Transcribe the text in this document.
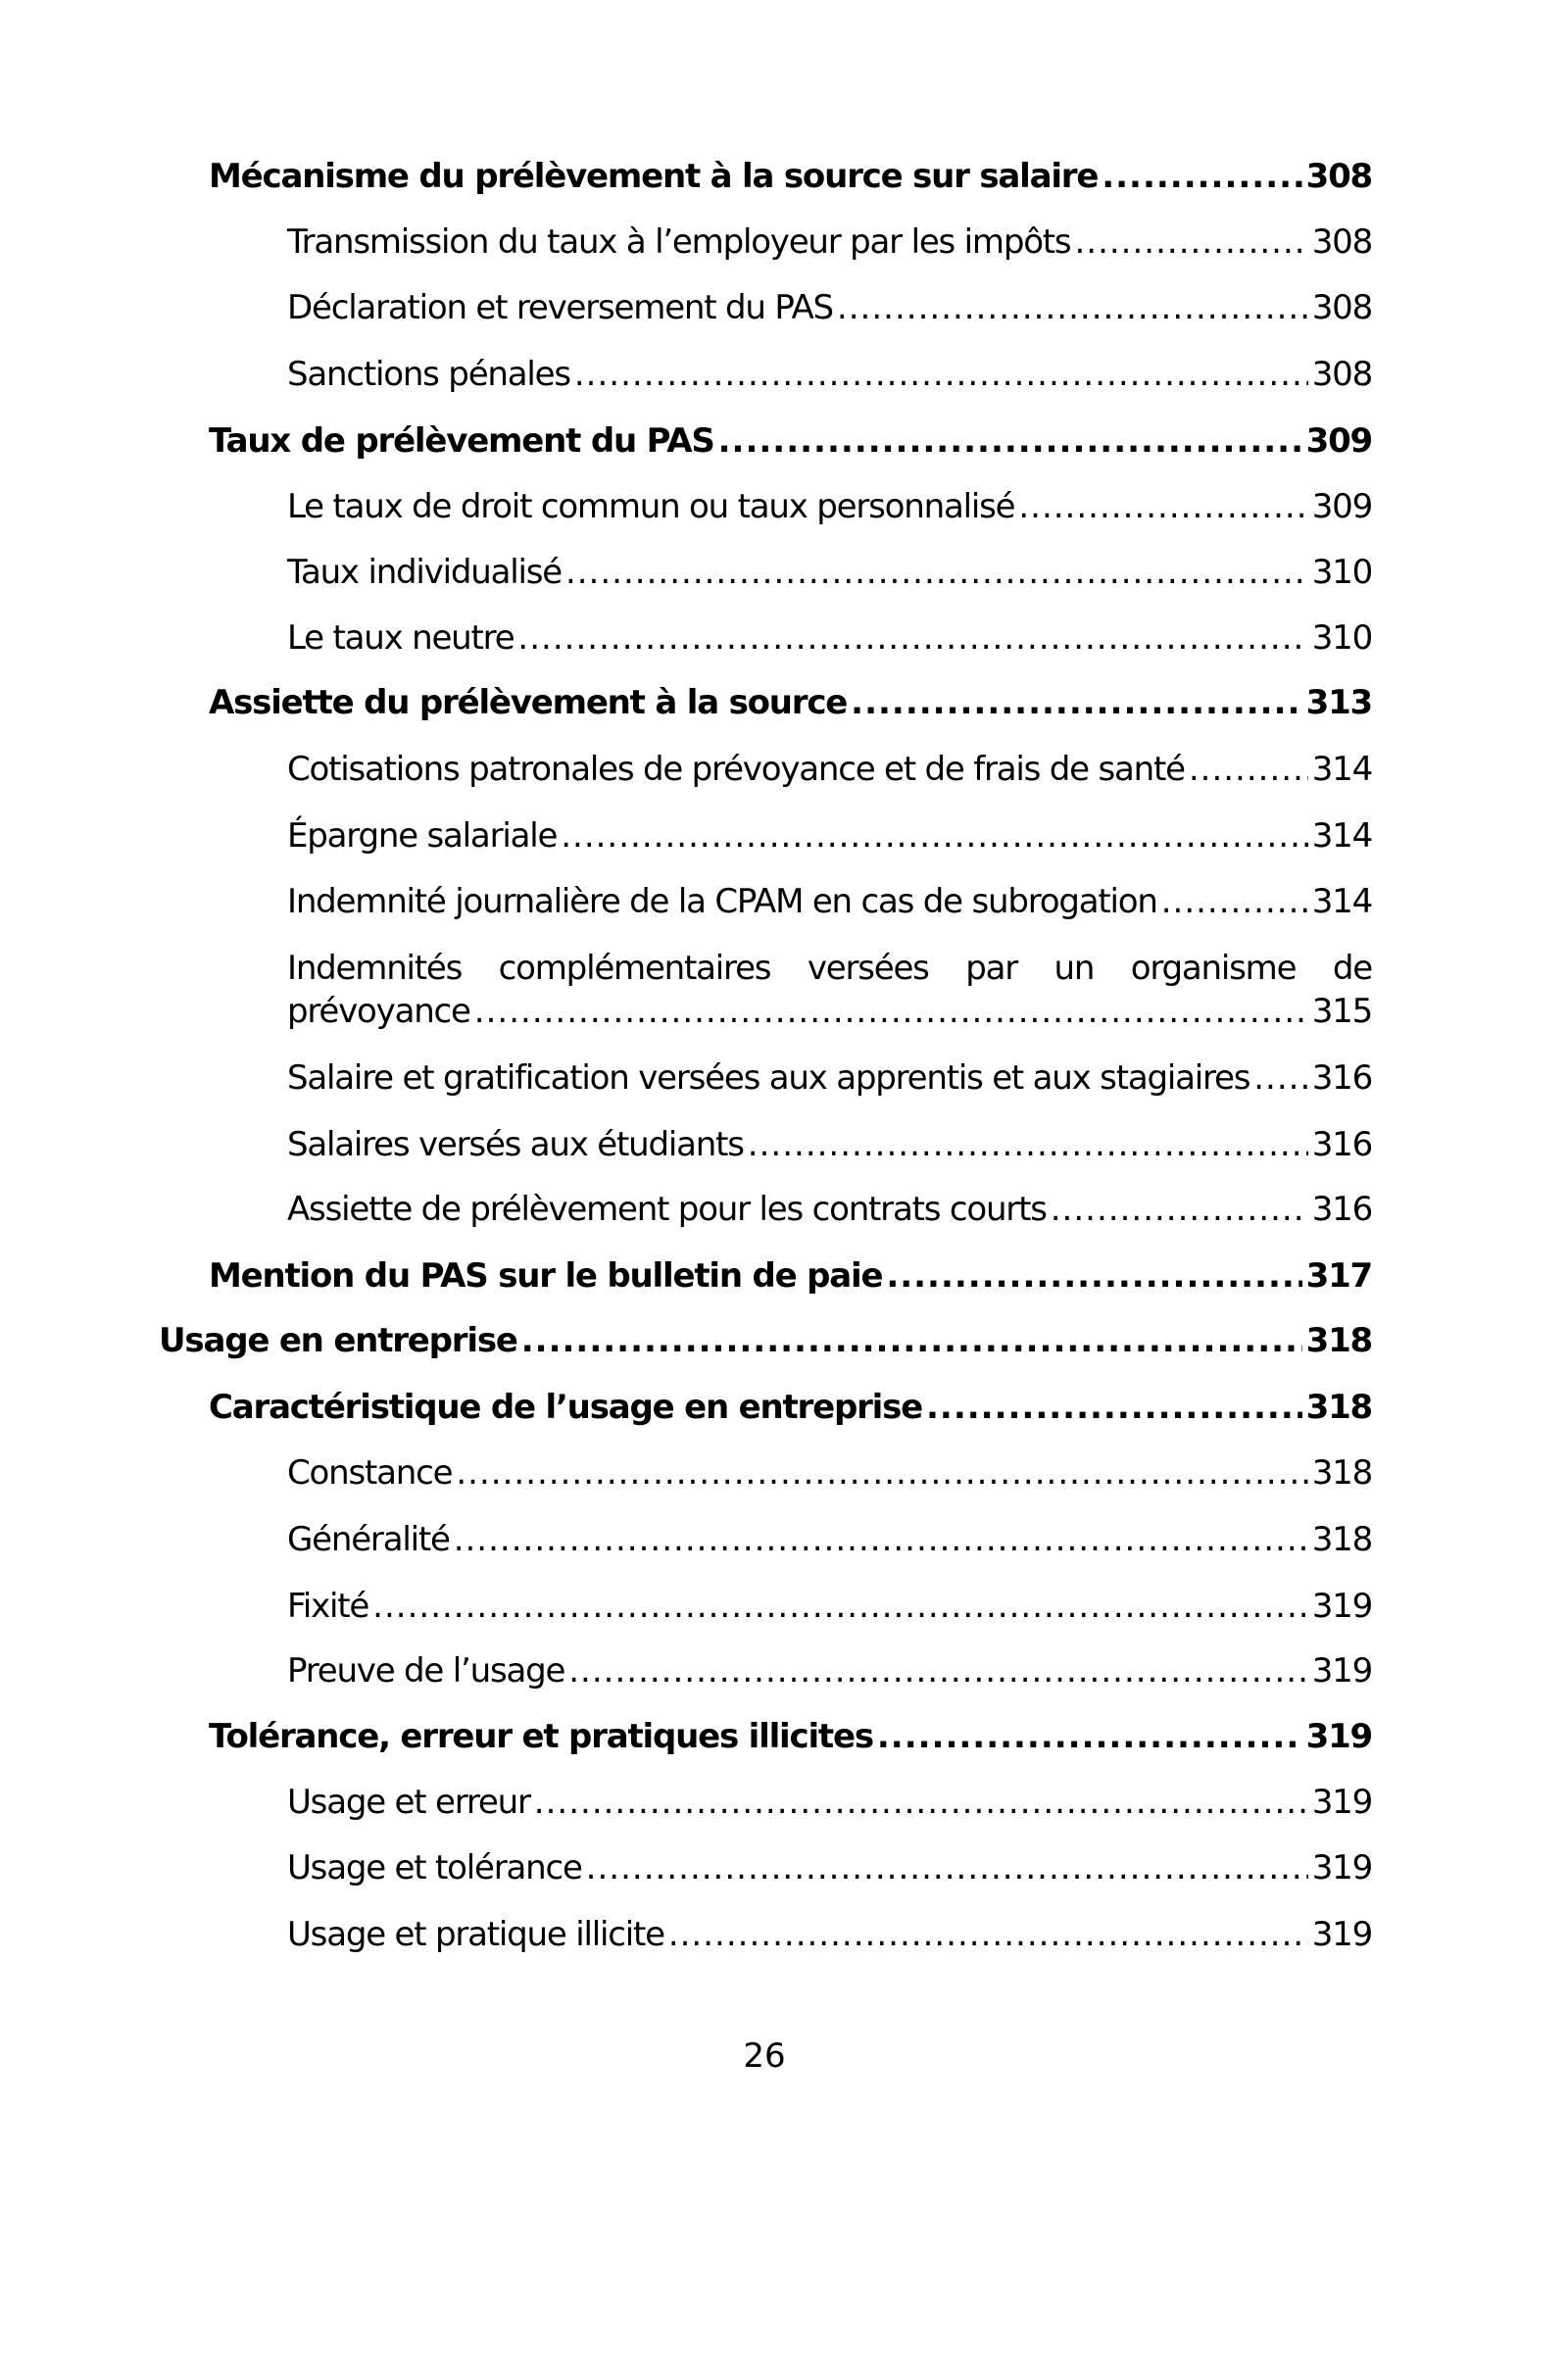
Mécanisme du prélèvement à la source sur salaire .....	308
Transmission du taux à l’employeur par les impôts .....	308
Déclaration et reversement du PAS .....	308
Sanctions pénales .....	308
Taux de prélèvement du PAS .....	309
Le taux de droit commun ou taux personnalisé .....	309
Taux individualisé .....	310
Le taux neutre .....	310
Assiette du prélèvement à la source .....	313
Cotisations patronales de prévoyance et de frais de santé .....	314
Épargne salariale .....	314
Indemnité journalière de la CPAM en cas de subrogation .....	314
Indemnités complémentaires versées par un organisme de
prévoyance .....	315
Salaire et gratification versées aux apprentis et aux stagiaires ..... 316
Salaires versés aux étudiants .....	316
Assiette de prélèvement pour les contrats courts .....	316
Mention du PAS sur le bulletin de paie .....	317
Usage en entreprise .....	318
Caractéristique de l’usage en entreprise .....	318
Constance .....	318
Généralité .....	318
Fixité .....	319
Preuve de l’usage .....	319
Tolérance, erreur et pratiques illicites .....	319
Usage et erreur .....	319
Usage et tolérance .....	319
Usage et pratique illicite .....	319
26
